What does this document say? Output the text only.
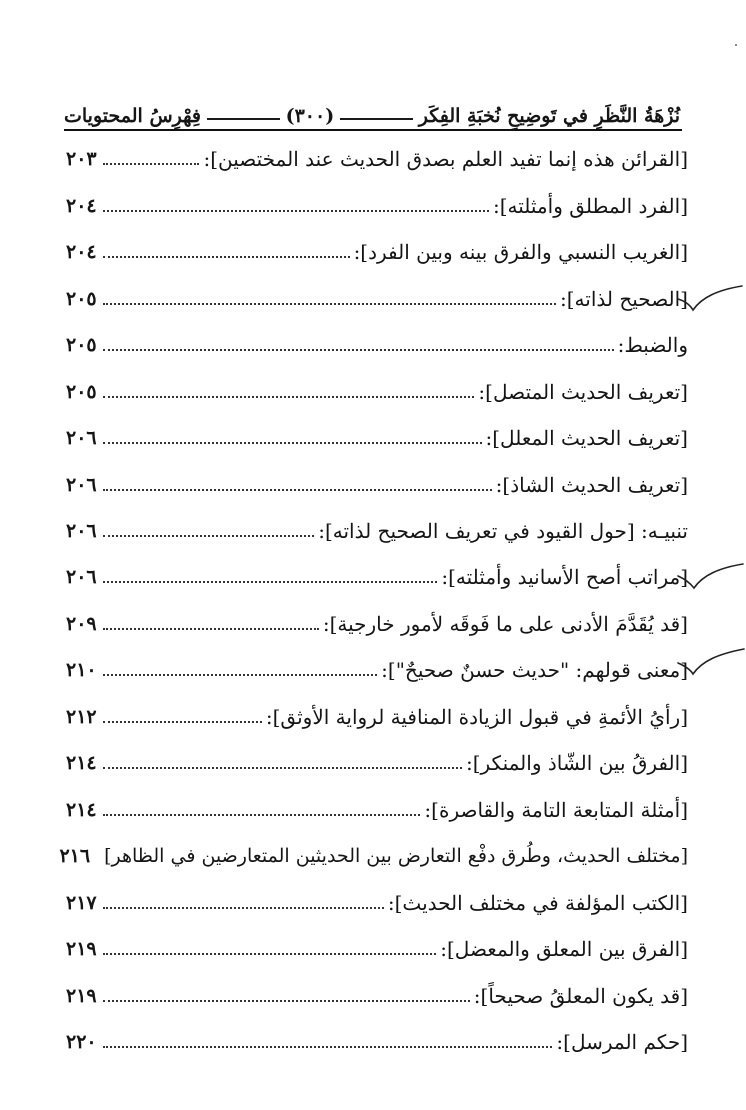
نُزْهَةُ النَّظَرِ في تَوضِيحِ نُخبَةِ الفِكَر
(٣٠٠)
فِهْرِسُ المحتويات
[القرائن هذه إنما تفيد العلم بصدق الحديث عند المختصين]:
٢٠٣
[الفرد المطلق وأمثلته]:
٢٠٤
[الغريب النسبي والفرق بينه وبين الفرد]:
٢٠٤
[الصحيح لذاته]:
٢٠٥
والضبط:
٢٠٥
[تعريف الحديث المتصل]:
٢٠٥
[تعريف الحديث المعلل]:
٢٠٦
[تعريف الحديث الشاذ]:
٢٠٦
تنبيـه: [حول القيود في تعريف الصحيح لذاته]:
٢٠٦
[مراتب أصح الأسانيد وأمثلته]:
٢٠٦
[قد يُقَدَّمَ الأدنى على ما فَوقَه لأمور خارجية]:
٢٠٩
[معنى قولهم: "حديث حسنٌ صحيحٌ"]:
٢١٠
[رأيُ الأئمةِ في قبول الزيادة المنافية لرواية الأوثق]:
٢١٢
[الفرقُ بين الشّاذ والمنكر]:
٢١٤
[أمثلة المتابعة التامة والقاصرة]:
٢١٤
[مختلف الحديث، وطُرق دفْع التعارض بين الحديثين المتعارضين في الظاهر]
٢١٦
[الكتب المؤلفة في مختلف الحديث]:
٢١٧
[الفرق بين المعلق والمعضل]:
٢١٩
[قد يكون المعلقُ صحيحاً]:
٢١٩
[حكم المرسل]:
٢٢٠
